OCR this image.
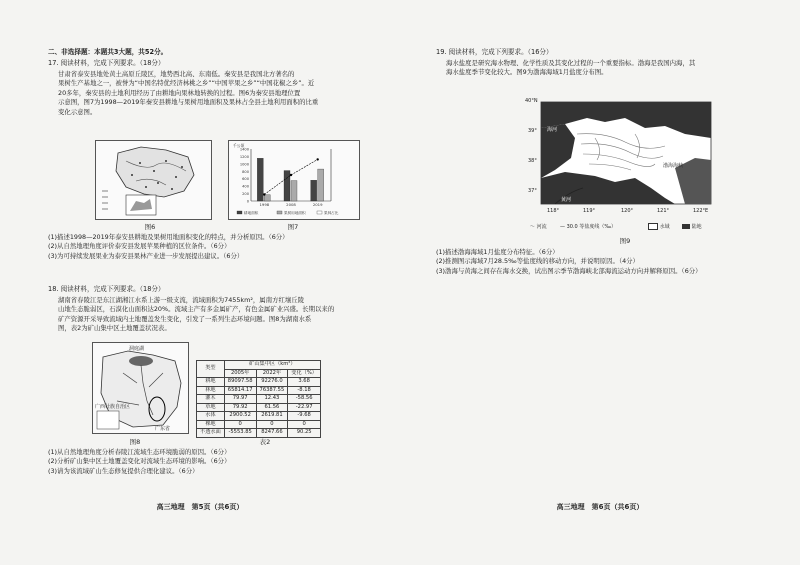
二、非选择题：本题共3大题，共52分。
17. 阅读材料，完成下列要求。（18分）
甘肃省泰安县地处黄土高原丘陵区，地势西北高、东南低。秦安县是我国北方著名的
果树生产基地之一，被誉为“中国名特优经济林桃之乡”“中国苹果之乡”“中国花椒之乡”。近
20多年，秦安县的土地利用经历了由耕地向果林地转换的过程。图6为秦安县地理位置
示意图，图7为1998—2019年秦安县耕地与果树用地面积及果林占全县土地利用面积的比重
变化示意图。
图6
1400
1200
1000
800
600
400
200
0
千公顷
1998	2008	2019
耕地面积	果树用地面积	果林占比
图7
(1)描述1998—2019年泰安县耕地及果树用地面积变化的特点，并分析原因。（6分）
(2)从自然地理角度评价泰安县发展苹果种植的区位条件。（6分）
(3)为可持续发展果业为泰安县果林产业进一步发展提出建议。（6分）
18. 阅读材料，完成下列要求。（18分）
湖南省春陵江是东江湖湘江水系上游一级支流，流域面积为7455km²，属南方红壤丘陵
山地生态脆弱区，石漠化山面积达20%。流域主产有多金属矿产，有色金属矿业兴盛。长期以来的
矿产资源开采导致流域内土地覆盖发生变化，引发了一系列生态环境问题。图8为湖南水系
图，表2为矿山集中区土地覆盖状况表。
洞庭湖
广西壮族自治区
广东省
图8
类型	矿山集中区（km²）		
	2005年	2022年	变化（%）
耕地	89097.58	92276.0	3.68
林地	65814.17	76387.55	-8.18
灌木	79.97	12.43	-58.56
草地	79.92	61.56	-22.97
水体	2900.52	2619.81	-9.68
裸地	0	0	0
不透水面	-5553.85	8247.66	90.25
表2
(1)从自然地理角度分析春陵江流域生态环境脆弱的原因。（6分）
(2)分析矿山集中区土地覆盖变化对流域生态环境的影响。（6分）
(3)请为该流域矿山生态修复提供合理化建议。（6分）
高三地理　第5页（共6页）
19. 阅读材料，完成下列要求。（16分）
海水盐度是研究海水物理、化学性质及其变化过程的一个重要指标。渤海是我国内海，其
海水盐度季节变化较大。图9为渤海海域1月盐度分布图。
40°N
39°
38°
37°
118°	119°	120°	121°	122°E
海河
黄河
渤海海峡
～ 河流	— 30.0 等盐度线（‰）	水域	陆地
图9
(1)描述渤海海域1月盐度分布特征。（6分）
(2)推测图示海域7月28.5‰等盐度线的移动方向，并说明原因。（4分）
(3)渤海与黄海之间存在海水交换，试出图示季节渤海峡北部海流运动方向并解释原因。（6分）
高三地理　第6页（共6页）
